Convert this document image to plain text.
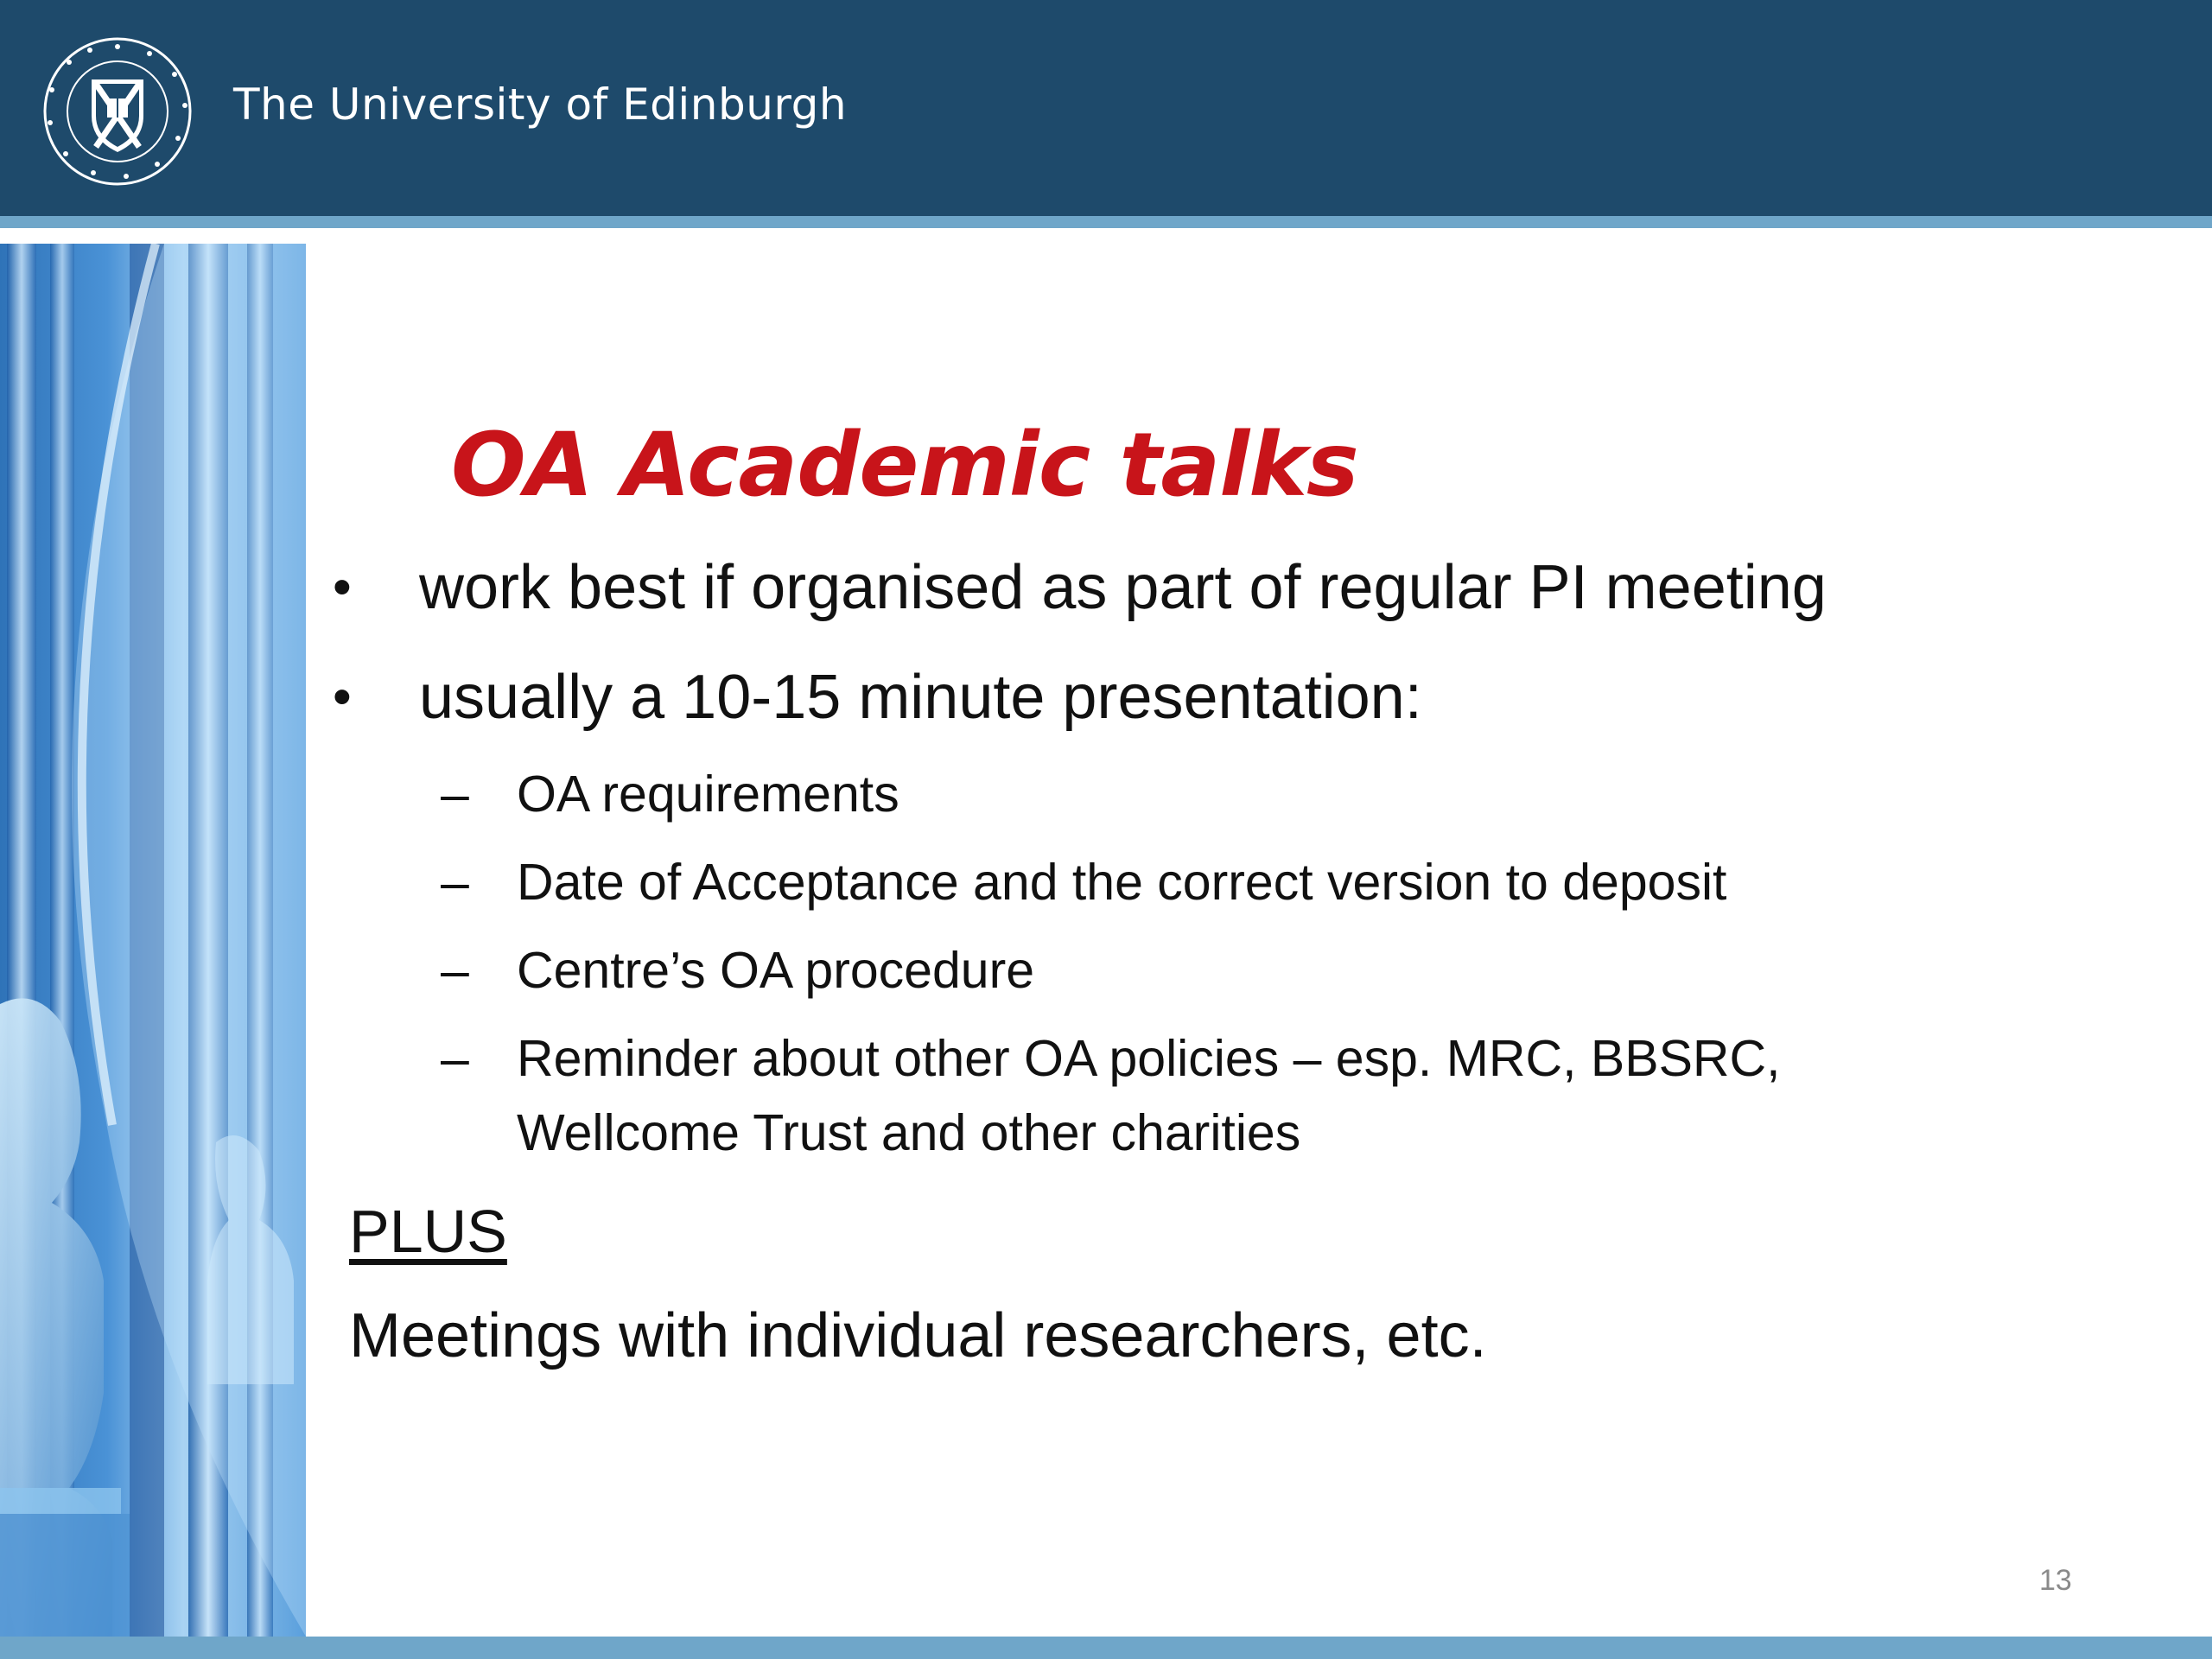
The University of Edinburgh
OA Academic talks
• work best if organised as part of regular PI meeting
• usually a 10-15 minute presentation:
– OA requirements
– Date of Acceptance and the correct version to deposit
– Centre’s OA procedure
– Reminder about other OA policies – esp. MRC, BBSRC,
Wellcome Trust and other charities
PLUS
Meetings with individual researchers, etc.
13
